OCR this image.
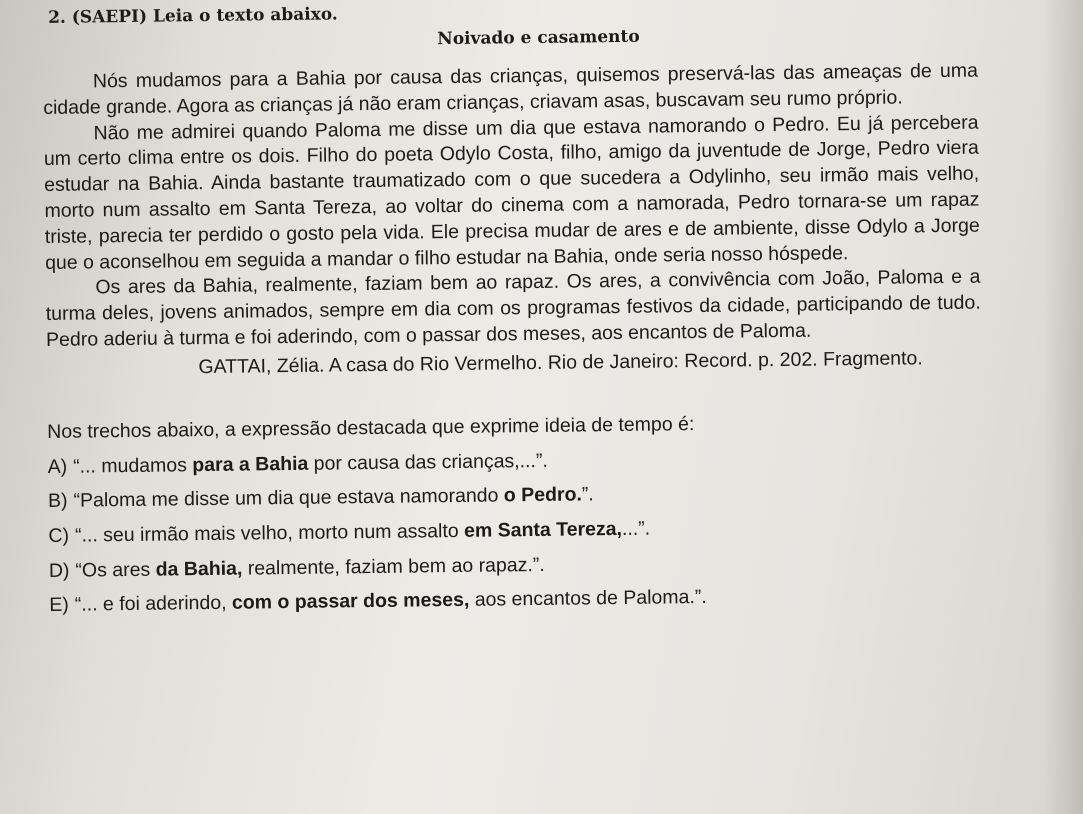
2. (SAEPI) Leia o texto abaixo.
Noivado e casamento

Nós mudamos para a Bahia por causa das crianças, quisemos preservá-las das ameaças de uma cidade grande. Agora as crianças já não eram crianças, criavam asas, buscavam seu rumo próprio.

Não me admirei quando Paloma me disse um dia que estava namorando o Pedro. Eu já percebera um certo clima entre os dois. Filho do poeta Odylo Costa, filho, amigo da juventude de Jorge, Pedro viera estudar na Bahia. Ainda bastante traumatizado com o que sucedera a Odylinho, seu irmão mais velho, morto num assalto em Santa Tereza, ao voltar do cinema com a namorada, Pedro tornara-se um rapaz triste, parecia ter perdido o gosto pela vida. Ele precisa mudar de ares e de ambiente, disse Odylo a Jorge que o aconselhou em seguida a mandar o filho estudar na Bahia, onde seria nosso hóspede.

Os ares da Bahia, realmente, faziam bem ao rapaz. Os ares, a convivência com João, Paloma e a turma deles, jovens animados, sempre em dia com os programas festivos da cidade, participando de tudo. Pedro aderiu à turma e foi aderindo, com o passar dos meses, aos encantos de Paloma.

GATTAI, Zélia. A casa do Rio Vermelho. Rio de Janeiro: Record. p. 202. Fragmento.
Nos trechos abaixo, a expressão destacada que exprime ideia de tempo é:
A) “... mudamos para a Bahia por causa das crianças,...”.
B) “Paloma me disse um dia que estava namorando o Pedro.”.
C) “... seu irmão mais velho, morto num assalto em Santa Tereza,...”.
D) “Os ares da Bahia, realmente, faziam bem ao rapaz.”.
E) “... e foi aderindo, com o passar dos meses, aos encantos de Paloma.”.
